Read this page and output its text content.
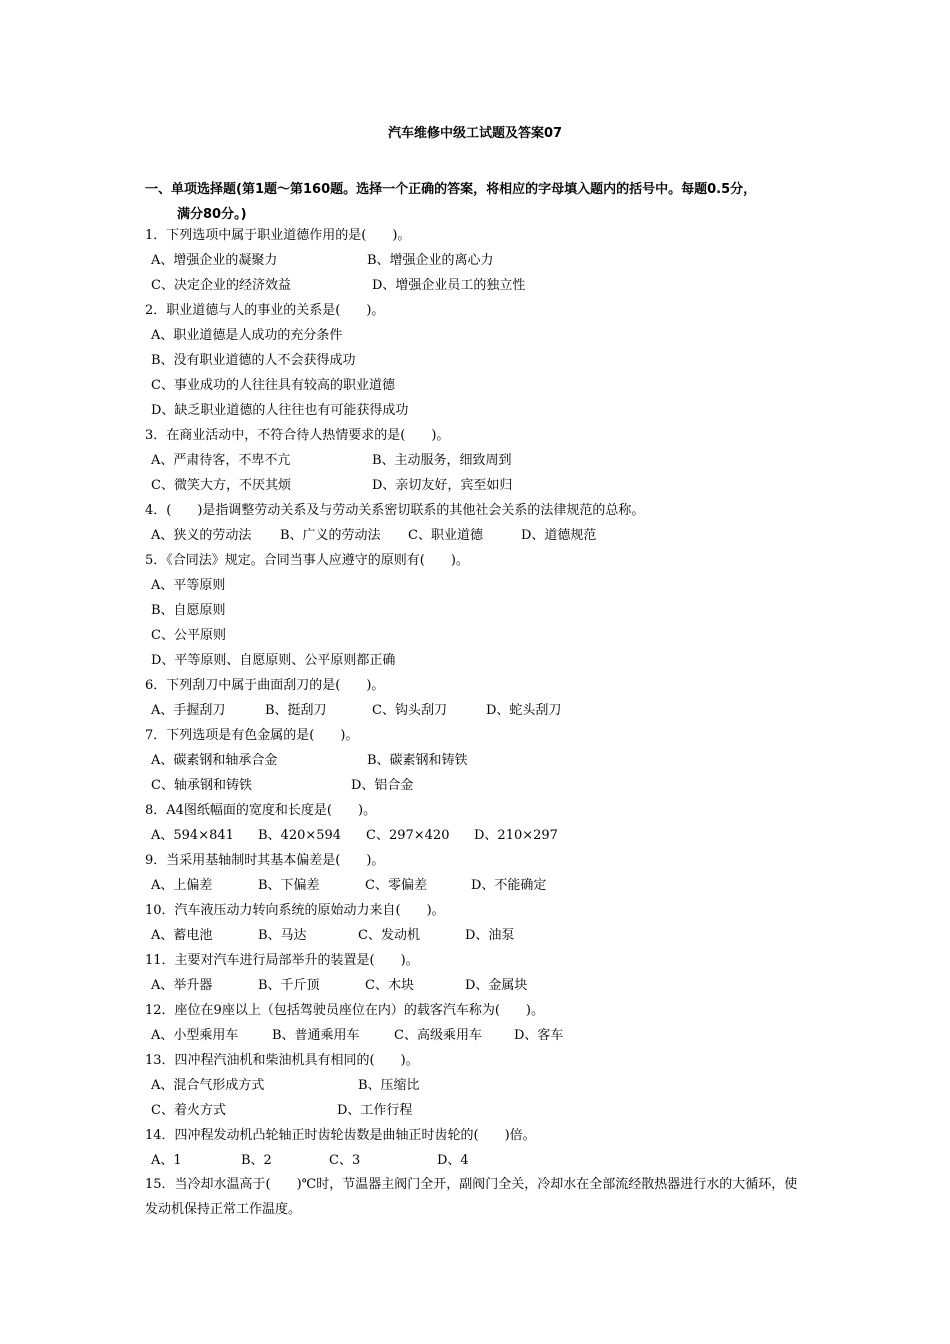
汽车维修中级工试题及答案07
一、单项选择题(第1题～第160题。选择一个正确的答案，将相应的字母填入题内的括号中。每题0.5分，
满分80分。)
1．下列选项中属于职业道德作用的是(　　)。
A、增强企业的凝聚力	B、增强企业的离心力
C、决定企业的经济效益	D、增强企业员工的独立性
2．职业道德与人的事业的关系是(　　)。
A、职业道德是人成功的充分条件
B、没有职业道德的人不会获得成功
C、事业成功的人往往具有较高的职业道德
D、缺乏职业道德的人往往也有可能获得成功
3．在商业活动中，不符合待人热情要求的是(　　)。
A、严肃待客，不卑不亢	B、主动服务，细致周到
C、微笑大方，不厌其烦	D、亲切友好，宾至如归
4．(　　)是指调整劳动关系及与劳动关系密切联系的其他社会关系的法律规范的总称。
A、狭义的劳动法 B、广义的劳动法 C、职业道德	D、道德规范
5．《合同法》规定。合同当事人应遵守的原则有(　　)。
A、平等原则
B、自愿原则
C、公平原则
D、平等原则、自愿原则、公平原则都正确
6．下列刮刀中属于曲面刮刀的是(　　)。
A、手握刮刀	B、挺刮刀	C、钩头刮刀	D、蛇头刮刀
7．下列选项是有色金属的是(　　)。
A、碳素钢和轴承合金	B、碳素钢和铸铁
C、轴承钢和铸铁	D、铝合金
8．A4图纸幅面的宽度和长度是(　　)。
A、594×841 B、420×594 C、297×420 D、210×297
9．当采用基轴制时其基本偏差是(　　)。
A、上偏差	B、下偏差	C、零偏差	D、不能确定
10．汽车液压动力转向系统的原始动力来自(　　)。
A、蓄电池	B、马达	C、发动机	D、油泵
11．主要对汽车进行局部举升的装置是(　　)。
A、举升器	B、千斤顶	C、木块	D、金属块
12．座位在9座以上（包括驾驶员座位在内）的载客汽车称为(　　)。
A、小型乘用车	B、普通乘用车	C、高级乘用车 D、客车
13．四冲程汽油机和柴油机具有相同的(　　)。
A、混合气形成方式	B、压缩比
C、着火方式	D、工作行程
14．四冲程发动机凸轮轴正时齿轮齿数是曲轴正时齿轮的(　　)倍。
A、1	B、2	C、3	D、4
15．当冷却水温高于(　　)℃时，节温器主阀门全开，副阀门全关，冷却水在全部流经散热器进行水的大循环，使发动机保持正常工作温度。
